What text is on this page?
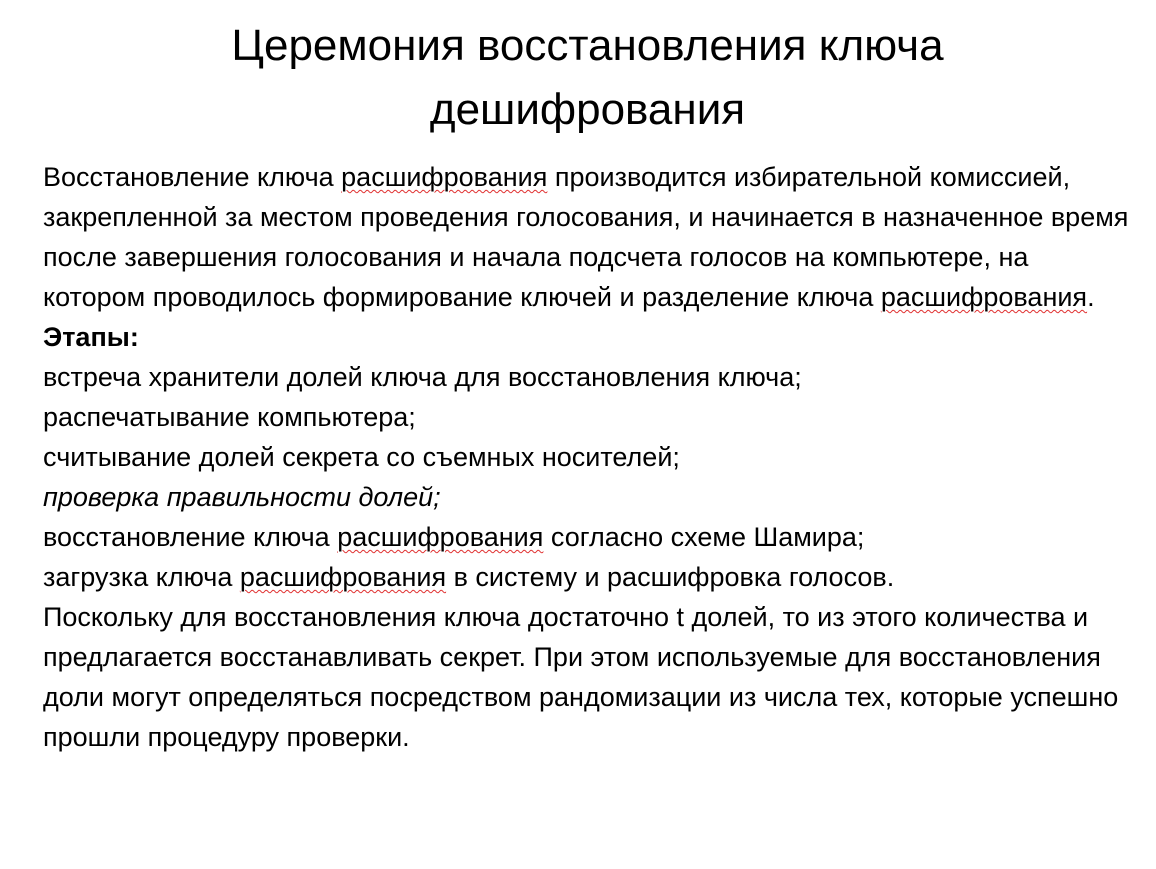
Церемония восстановления ключа дешифрования

Восстановление ключа расшифрования производится избирательной комиссией, закрепленной за местом проведения голосования, и начинается в назначенное время после завершения голосования и начала подсчета голосов на компьютере, на котором проводилось формирование ключей и разделение ключа расшифрования.

Этапы:

встреча хранители долей ключа для восстановления ключа;

распечатывание компьютера;

считывание долей секрета со съемных носителей;

проверка правильности долей;

восстановление ключа расшифрования согласно схеме Шамира;

загрузка ключа расшифрования в систему и расшифровка голосов.

Поскольку для восстановления ключа достаточно t долей, то из этого количества и предлагается восстанавливать секрет. При этом используемые для восстановления доли могут определяться посредством рандомизации из числа тех, которые успешно прошли процедуру проверки.
